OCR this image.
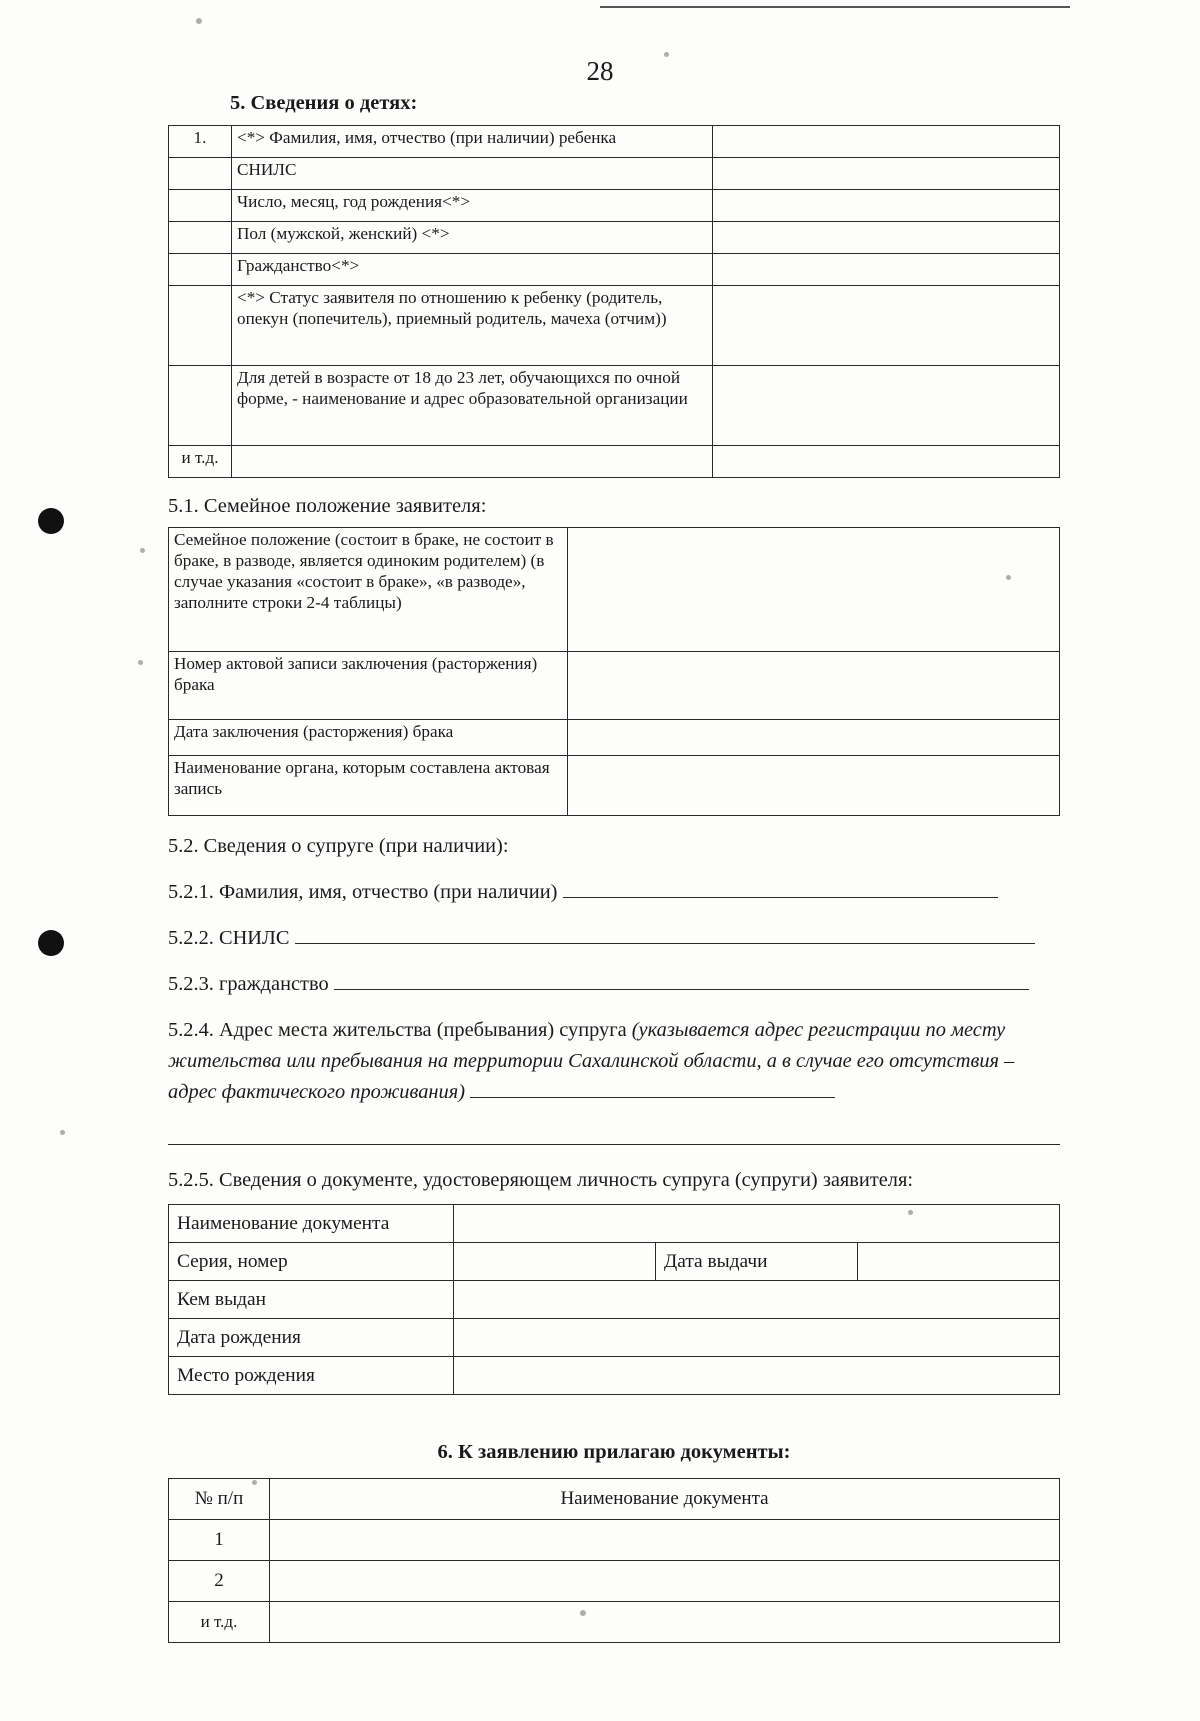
28
5. Сведения о детях:
1.	<*> Фамилия, имя, отчество (при наличии) ребенка	
	СНИЛС	
	Число, месяц, год рождения<*>	
	Пол (мужской, женский) <*>	
	Гражданство<*>	
	<*> Статус заявителя по отношению к ребенку (родитель, опекун (попечитель), приемный родитель, мачеха (отчим))	
	Для детей в возрасте от 18 до 23 лет, обучающихся по очной форме, - наименование и адрес образовательной организации	
и т.д.		
5.1. Семейное положение заявителя:
Семейное положение (состоит в браке, не состоит в браке, в разводе, является одиноким родителем) (в случае указания «состоит в браке», «в разводе», заполните строки 2-4 таблицы)	
Номер актовой записи заключения (расторжения) брака	
Дата заключения (расторжения) брака	
Наименование органа, которым составлена актовая запись	
5.2. Сведения о супруге (при наличии):
5.2.1. Фамилия, имя, отчество (при наличии)
5.2.2. СНИЛС
5.2.3. гражданство
5.2.4. Адрес места жительства (пребывания) супруга (указывается адрес регистрации по месту жительства или пребывания на территории Сахалинской области, а в случае его отсутствия – адрес фактического проживания)
5.2.5. Сведения о документе, удостоверяющем личность супруга (супруги) заявителя:
Наименование документа			
Серия, номер		Дата выдачи	
Кем выдан			
Дата рождения			
Место рождения			
6. К заявлению прилагаю документы:
№ п/п	Наименование документа
1	
2	
и т.д.	
